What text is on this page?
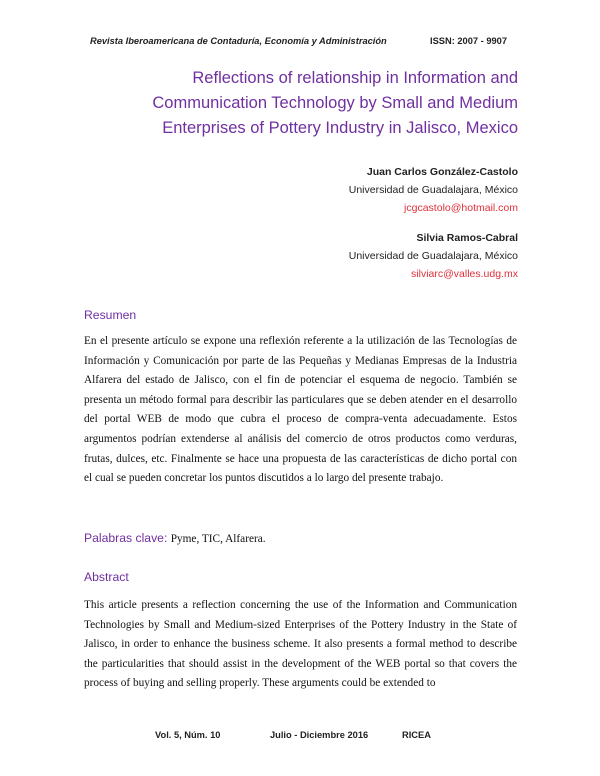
Revista Iberoamericana de Contaduría, Economía y Administración	ISSN: 2007 - 9907
Reflections of relationship in Information and
Communication Technology by Small and Medium
Enterprises of Pottery Industry in Jalisco, Mexico
Juan Carlos González-Castolo
Universidad de Guadalajara, México
jcgcastolo@hotmail.com
Silvia Ramos-Cabral
Universidad de Guadalajara, México
silviarc@valles.udg.mx
Resumen
En el presente artículo se expone una reflexión referente a la utilización de las Tecnologías de Información y Comunicación por parte de las Pequeñas y Medianas Empresas de la Industria Alfarera del estado de Jalisco, con el fin de potenciar el esquema de negocio. También se presenta un método formal para describir las particulares que se deben atender en el desarrollo del portal WEB de modo que cubra el proceso de compra-venta adecuadamente. Estos argumentos podrían extenderse al análisis del comercio de otros productos como verduras, frutas, dulces, etc. Finalmente se hace una propuesta de las características de dicho portal con el cual se pueden concretar los puntos discutidos a lo largo del presente trabajo.
Palabras clave: Pyme, TIC, Alfarera.
Abstract
This article presents a reflection concerning the use of the Information and Communication Technologies by Small and Medium-sized Enterprises of the Pottery Industry in the State of Jalisco, in order to enhance the business scheme. It also presents a formal method to describe the particularities that should assist in the development of the WEB portal so that covers the process of buying and selling properly. These arguments could be extended to
Vol. 5, Núm. 10	Julio - Diciembre 2016	RICEA
